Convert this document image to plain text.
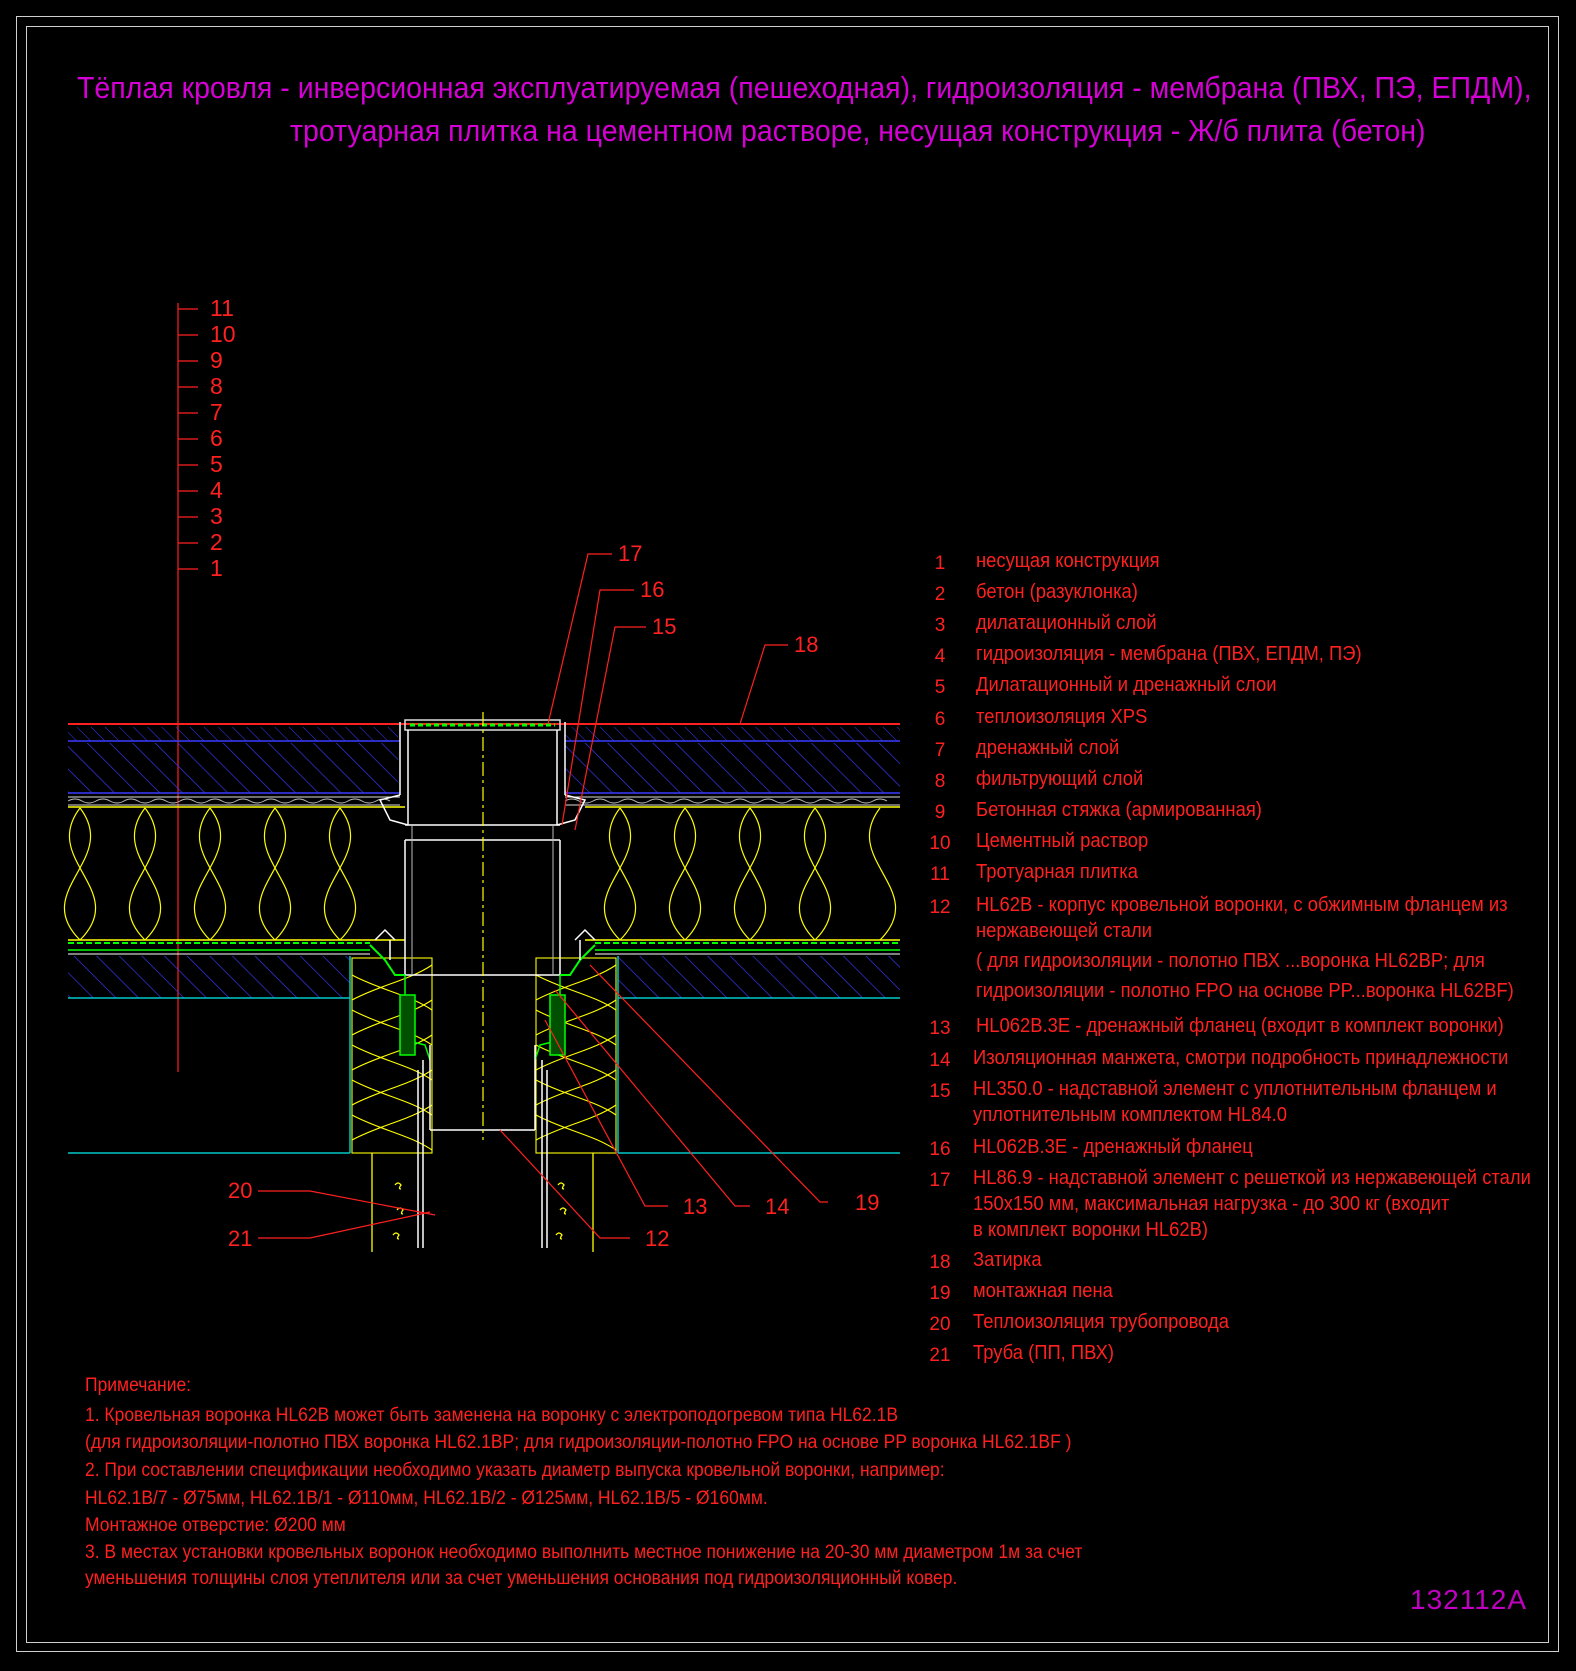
Тёплая кровля - инверсионная эксплуатируемая (пешеходная), гидроизоляция - мембрана (ПВХ, ПЭ, ЕПДМ),
тротуарная плитка на цементном растворе, несущая конструкция - Ж/б плита (бетон)
11
10
9
8
7
6
5
4
3
2
1
17
16
15
18
20
21
13	14	19
12
1	несущая конструкция
2	бетон (разуклонка)
3	дилатационный слой
4	гидроизоляция - мембрана (ПВХ, ЕПДМ, ПЭ)
5	Дилатационный и дренажный слои
6	теплоизоляция XPS
7	дренажный слой
8	фильтрующий слой
9	Бетонная стяжка (армированная)
10 Цементный раствор
11 Тротуарная плитка
12 HL62B - корпус кровельной воронки, с обжимным фланцем из
нержавеющей стали
( для гидроизоляции - полотно ПВХ ...воронка HL62BP; для
гидроизоляции - полотно FPO на основе PP...воронка HL62BF)
13 HL062B.3E - дренажный фланец (входит в комплект воронки)
14 Изоляционная манжета, смотри подробность принадлежности
15 HL350.0 - надставной элемент с уплотнительным фланцем и
уплотнительным комплектом HL84.0
16 HL062B.3E - дренажный фланец
17 HL86.9 - надставной элемент с решеткой из нержавеющей стали
150x150 мм, максимальная нагрузка - до 300 кг (входит
в комплект воронки HL62B)
18 Затирка
19 монтажная пена
20 Теплоизоляция трубопровода
21 Труба (ПП, ПВХ)
Примечание:
1. Кровельная воронка HL62B может быть заменена на воронку с электроподогревом типа HL62.1B
(для гидроизоляции-полотно ПВХ воронка HL62.1BP; для гидроизоляции-полотно FPO на основе PP воронка HL62.1BF )
2. При составлении спецификации необходимо указать диаметр выпуска кровельной воронки, например:
HL62.1B/7 - Ø75мм, HL62.1B/1 - Ø110мм, HL62.1B/2 - Ø125мм, HL62.1B/5 - Ø160мм.
Монтажное отверстие: Ø200 мм
3. В местах установки кровельных воронок необходимо выполнить местное понижение на 20-30 мм диаметром 1м за счет
уменьшения толщины слоя утеплителя или за счет уменьшения основания под гидроизоляционный ковер.
132112A
